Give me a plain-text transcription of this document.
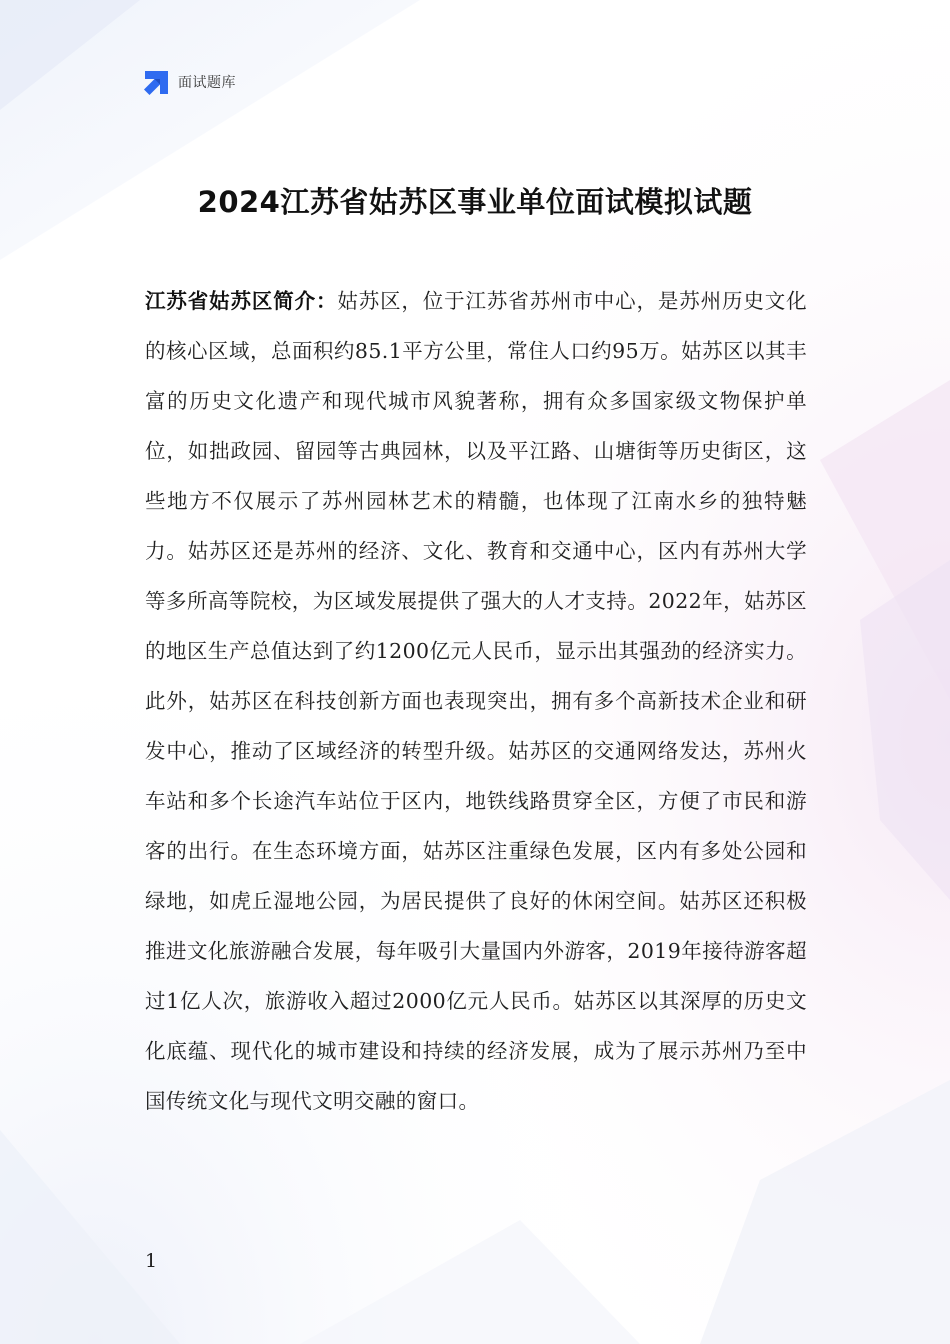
面试题库
2024江苏省姑苏区事业单位面试模拟试题

江苏省姑苏区简介：姑苏区，位于江苏省苏州市中心，是苏州历史文化的核心区域，总面积约85.1平方公里，常住人口约95万。姑苏区以其丰富的历史文化遗产和现代城市风貌著称，拥有众多国家级文物保护单位，如拙政园、留园等古典园林，以及平江路、山塘街等历史街区，这些地方不仅展示了苏州园林艺术的精髓，也体现了江南水乡的独特魅力。姑苏区还是苏州的经济、文化、教育和交通中心，区内有苏州大学等多所高等院校，为区域发展提供了强大的人才支持。2022年，姑苏区的地区生产总值达到了约1200亿元人民币，显示出其强劲的经济实力。此外，姑苏区在科技创新方面也表现突出，拥有多个高新技术企业和研发中心，推动了区域经济的转型升级。姑苏区的交通网络发达，苏州火车站和多个长途汽车站位于区内，地铁线路贯穿全区，方便了市民和游客的出行。在生态环境方面，姑苏区注重绿色发展，区内有多处公园和绿地，如虎丘湿地公园，为居民提供了良好的休闲空间。姑苏区还积极推进文化旅游融合发展，每年吸引大量国内外游客，2019年接待游客超过1亿人次，旅游收入超过2000亿元人民币。姑苏区以其深厚的历史文化底蕴、现代化的城市建设和持续的经济发展，成为了展示苏州乃至中国传统文化与现代文明交融的窗口。

1
